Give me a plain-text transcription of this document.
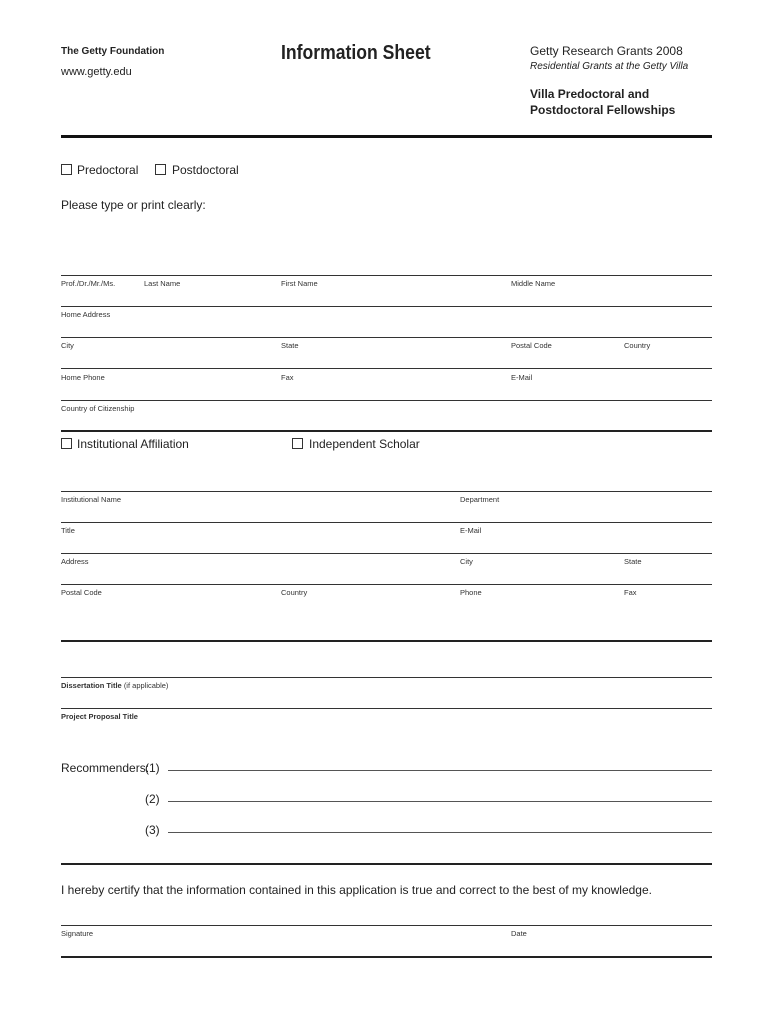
The Getty Foundation
www.getty.edu
Information Sheet	Getty Research Grants 2008
Residential Grants at the Getty Villa
Villa Predoctoral and
Postdoctoral Fellowships
Predoctoral	Postdoctoral
Please type or print clearly:
Prof./Dr./Mr./Ms.	Last Name	First Name	Middle Name
Home Address
City	State	Postal Code	Country
Home Phone	Fax	E-Mail
Country of Citizenship
Institutional Affiliation	Independent Scholar
Institutional Name	Department
Title	E-Mail
Address	City	State
Postal Code	Country	Phone	Fax
Dissertation Title (if applicable)
Project Proposal Title
Recommenders:
(1)
(2)
(3)
I hereby certify that the information contained in this application is true and correct to the best of my knowledge.
Signature	Date
